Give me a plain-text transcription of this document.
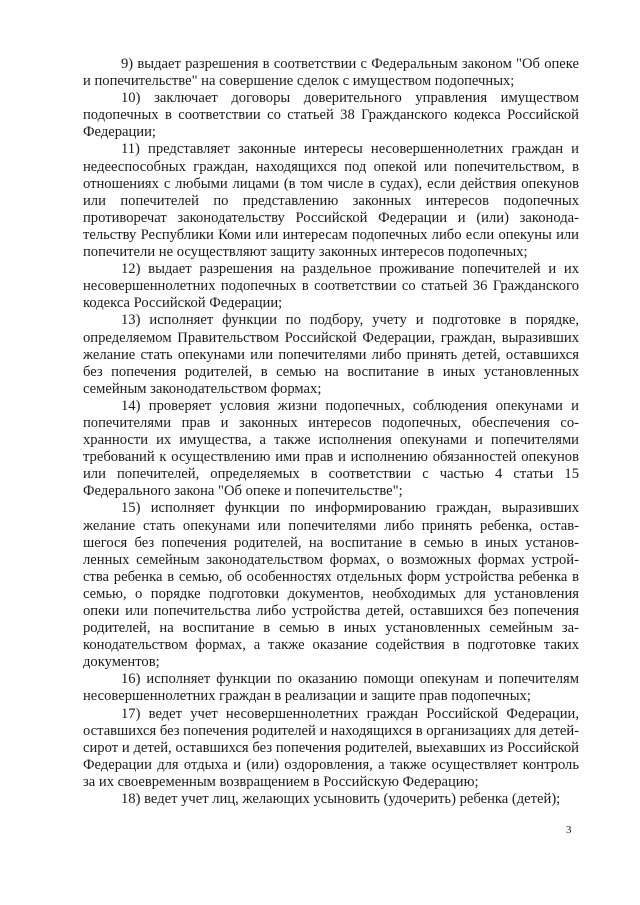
9) выдает разрешения в соответствии с Федеральным законом "Об опеке и попечительстве" на совершение сделок с имуществом подопечных;

10) заключает договоры доверительного управления имуществом подопечных в соответствии со статьей 38 Гражданского кодекса Российской Федерации;

11) представляет законные интересы несовершеннолетних граждан и недееспособных граждан, находящихся под опекой или попечительством, в отношениях с любыми лицами (в том числе в судах), если действия опекунов или попечителей по представлению законных интересов подопечных противоречат законодательству Российской Федерации и (или) законодательству Республики Коми или интересам подопечных либо если опекуны или попечители не осуществляют защиту законных интересов подопечных;

12) выдает разрешения на раздельное проживание попечителей и их несовершеннолетних подопечных в соответствии со статьей 36 Гражданского кодекса Российской Федерации;

13) исполняет функции по подбору, учету и подготовке в порядке, определяемом Правительством Российской Федерации, граждан, выразивших желание стать опекунами или попечителями либо принять детей, оставшихся без попечения родителей, в семью на воспитание в иных установленных семейным законодательством формах;

14) проверяет условия жизни подопечных, соблюдения опекунами и попечителями прав и законных интересов подопечных, обеспечения сохранности их имущества, а также исполнения опекунами и попечителями требований к осуществлению ими прав и исполнению обязанностей опекунов или попечителей, определяемых в соответствии с частью 4 статьи 15 Федерального закона "Об опеке и попечительстве";

15) исполняет функции по информированию граждан, выразивших желание стать опекунами или попечителями либо принять ребенка, оставшегося без попечения родителей, на воспитание в семью в иных установленных семейным законодательством формах, о возможных формах устройства ребенка в семью, об особенностях отдельных форм устройства ребенка в семью, о порядке подготовки документов, необходимых для установления опеки или попечительства либо устройства детей, оставшихся без попечения родителей, на воспитание в семью в иных установленных семейным законодательством формах, а также оказание содействия в подготовке таких документов;

16) исполняет функции по оказанию помощи опекунам и попечителям несовершеннолетних граждан в реализации и защите прав подопечных;

17) ведет учет несовершеннолетних граждан Российской Федерации, оставшихся без попечения родителей и находящихся в организациях для детей-сирот и детей, оставшихся без попечения родителей, выехавших из Российской Федерации для отдыха и (или) оздоровления, а также осуществляет контроль за их своевременным возвращением в Российскую Федерацию;

18) ведет учет лиц, желающих усыновить (удочерить) ребенка (детей);

3
